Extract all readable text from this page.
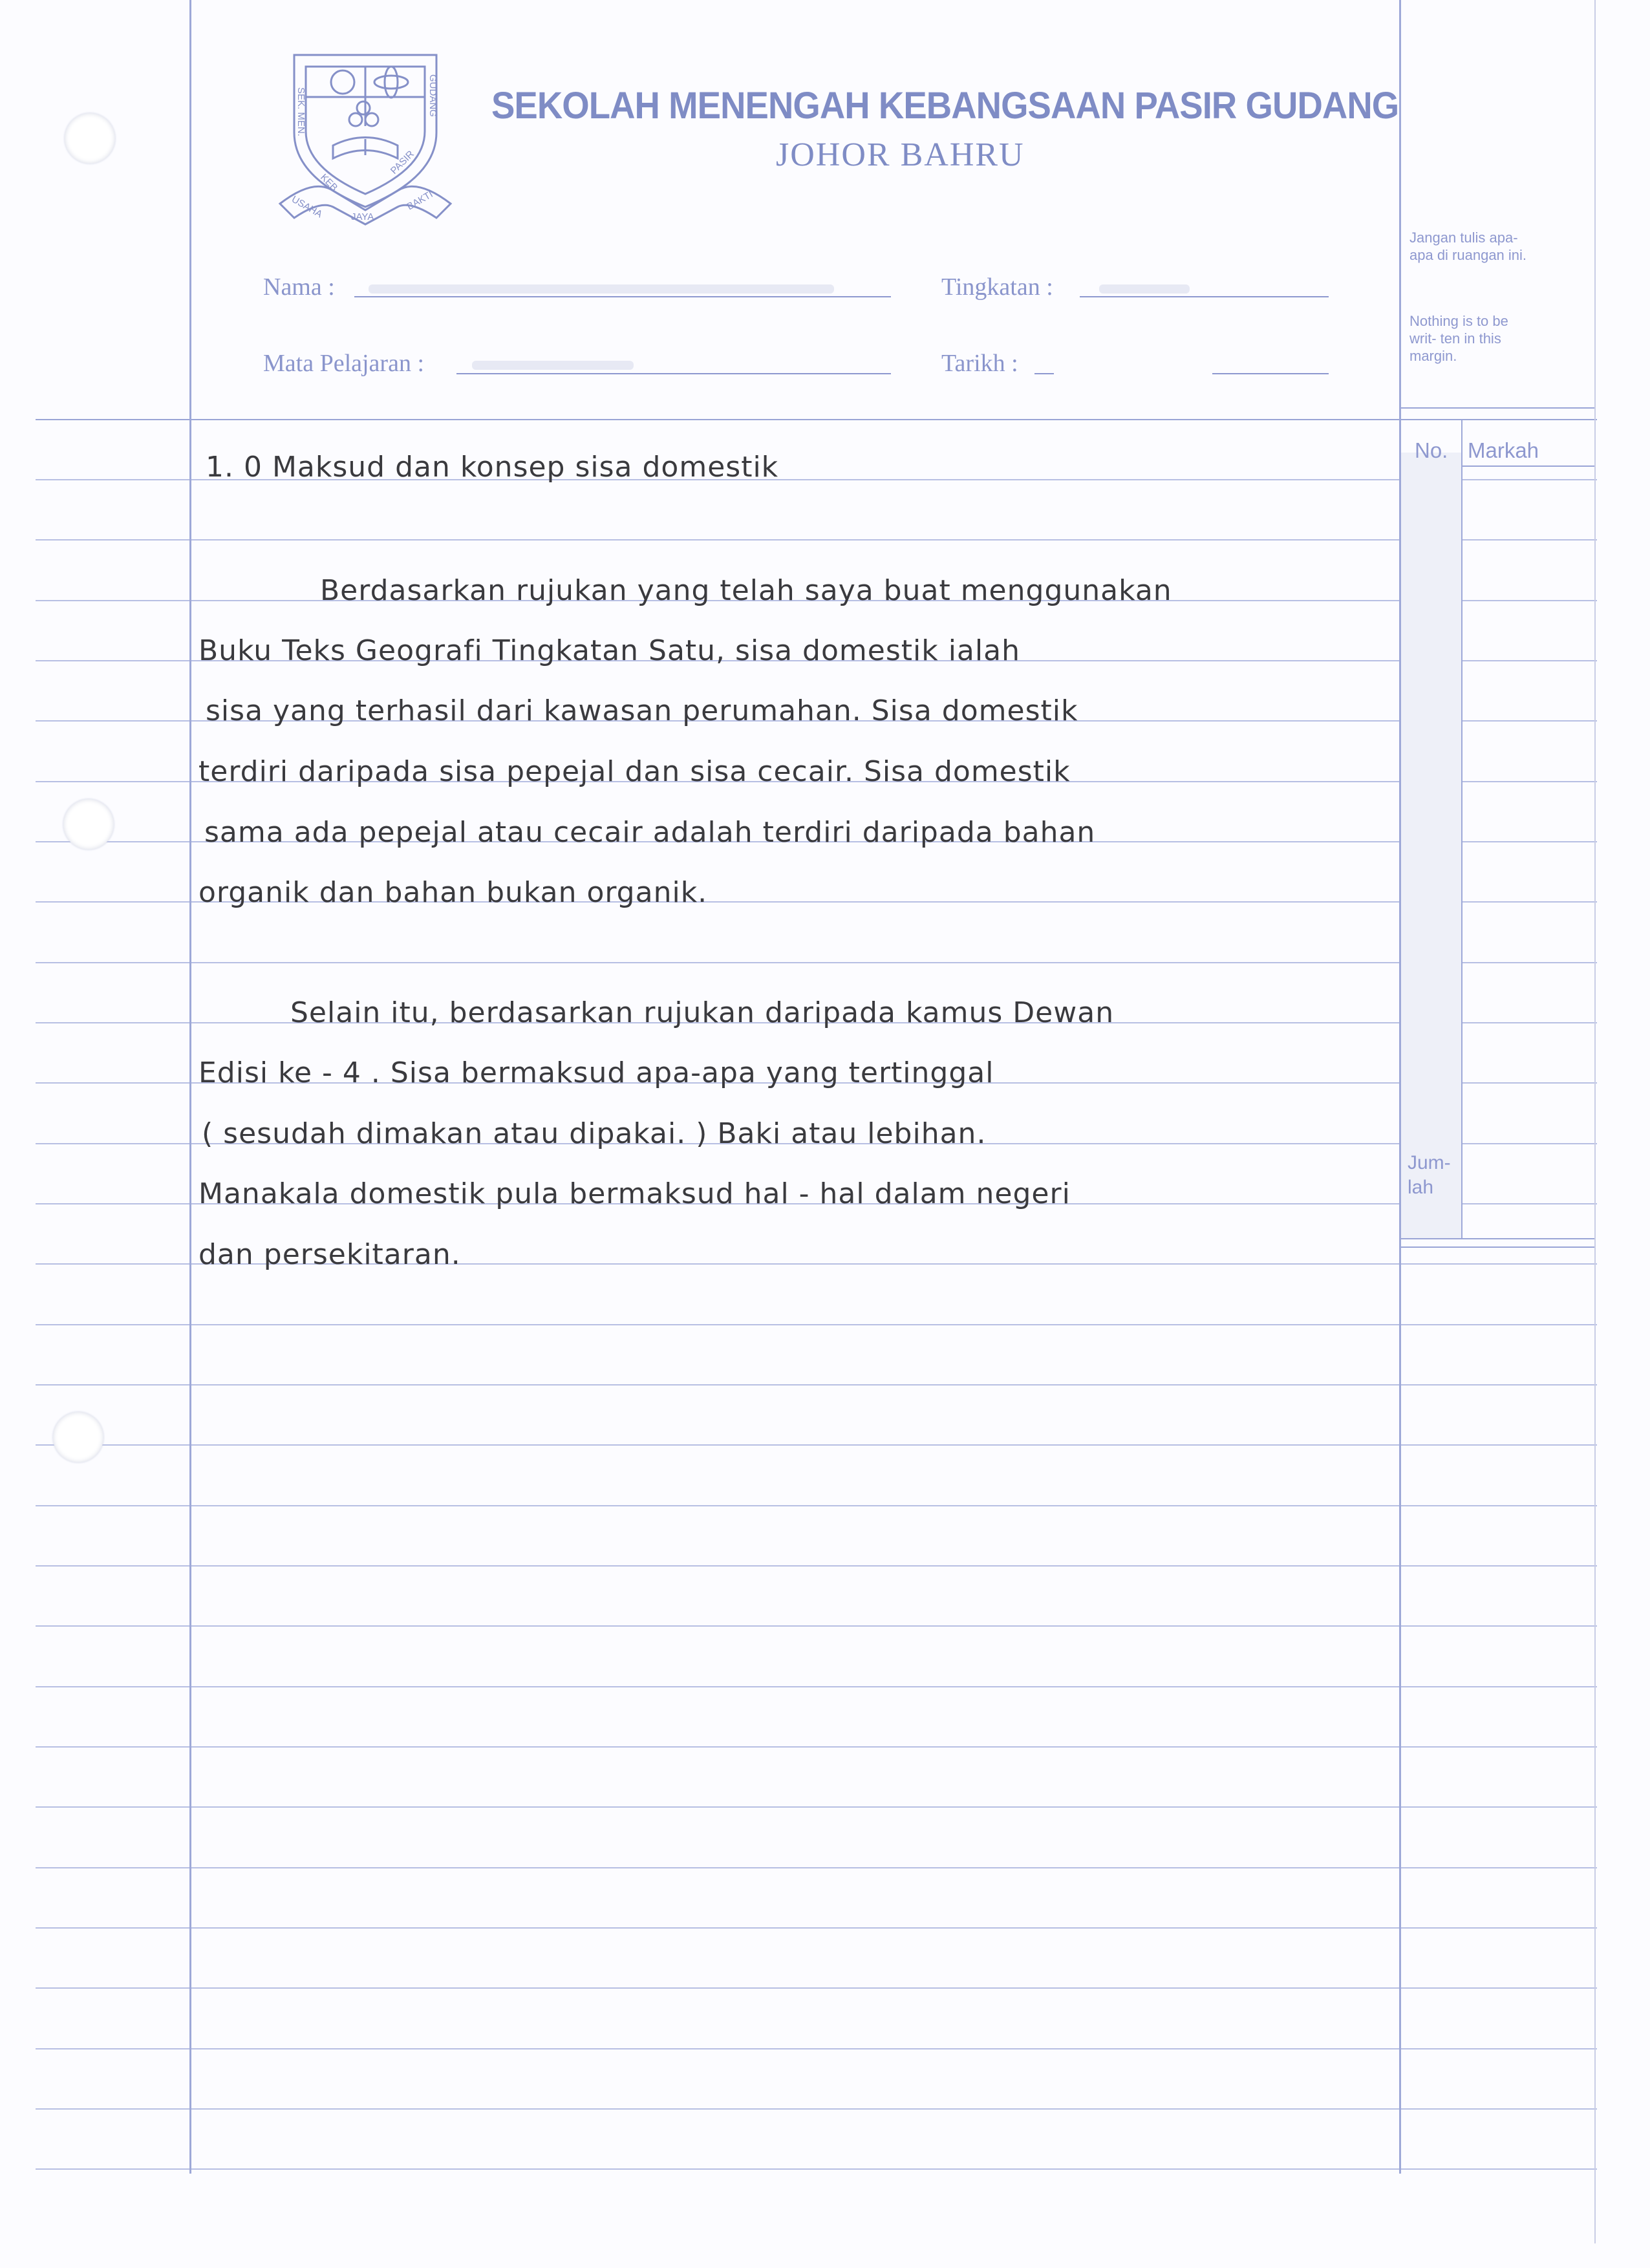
SEK. MEN.	GUDANG
KEB.
PASIR
USAHA	JAYA
BAKTI
SEKOLAH MENENGAH KEBANGSAAN PASIR GUDANG
JOHOR BAHRU
Nama :	Tingkatan :
Mata Pelajaran :	Tarikh :
Jangan tulis apa-apa di ruangan ini.
Nothing is to be writ- ten in this margin.
No. Markah
Jum- lah
1. 0 Maksud dan konsep sisa domestik
Berdasarkan rujukan yang telah saya buat menggunakan
Buku Teks Geografi Tingkatan Satu, sisa domestik ialah
sisa yang terhasil dari kawasan perumahan. Sisa domestik
terdiri daripada sisa pepejal dan sisa cecair. Sisa domestik
sama ada pepejal atau cecair adalah terdiri daripada bahan
organik dan bahan bukan organik.
Selain itu, berdasarkan rujukan daripada kamus Dewan
Edisi ke - 4 . Sisa bermaksud apa-apa yang tertinggal
( sesudah dimakan atau dipakai. ) Baki atau lebihan.
Manakala domestik pula bermaksud hal - hal dalam negeri
dan persekitaran.
